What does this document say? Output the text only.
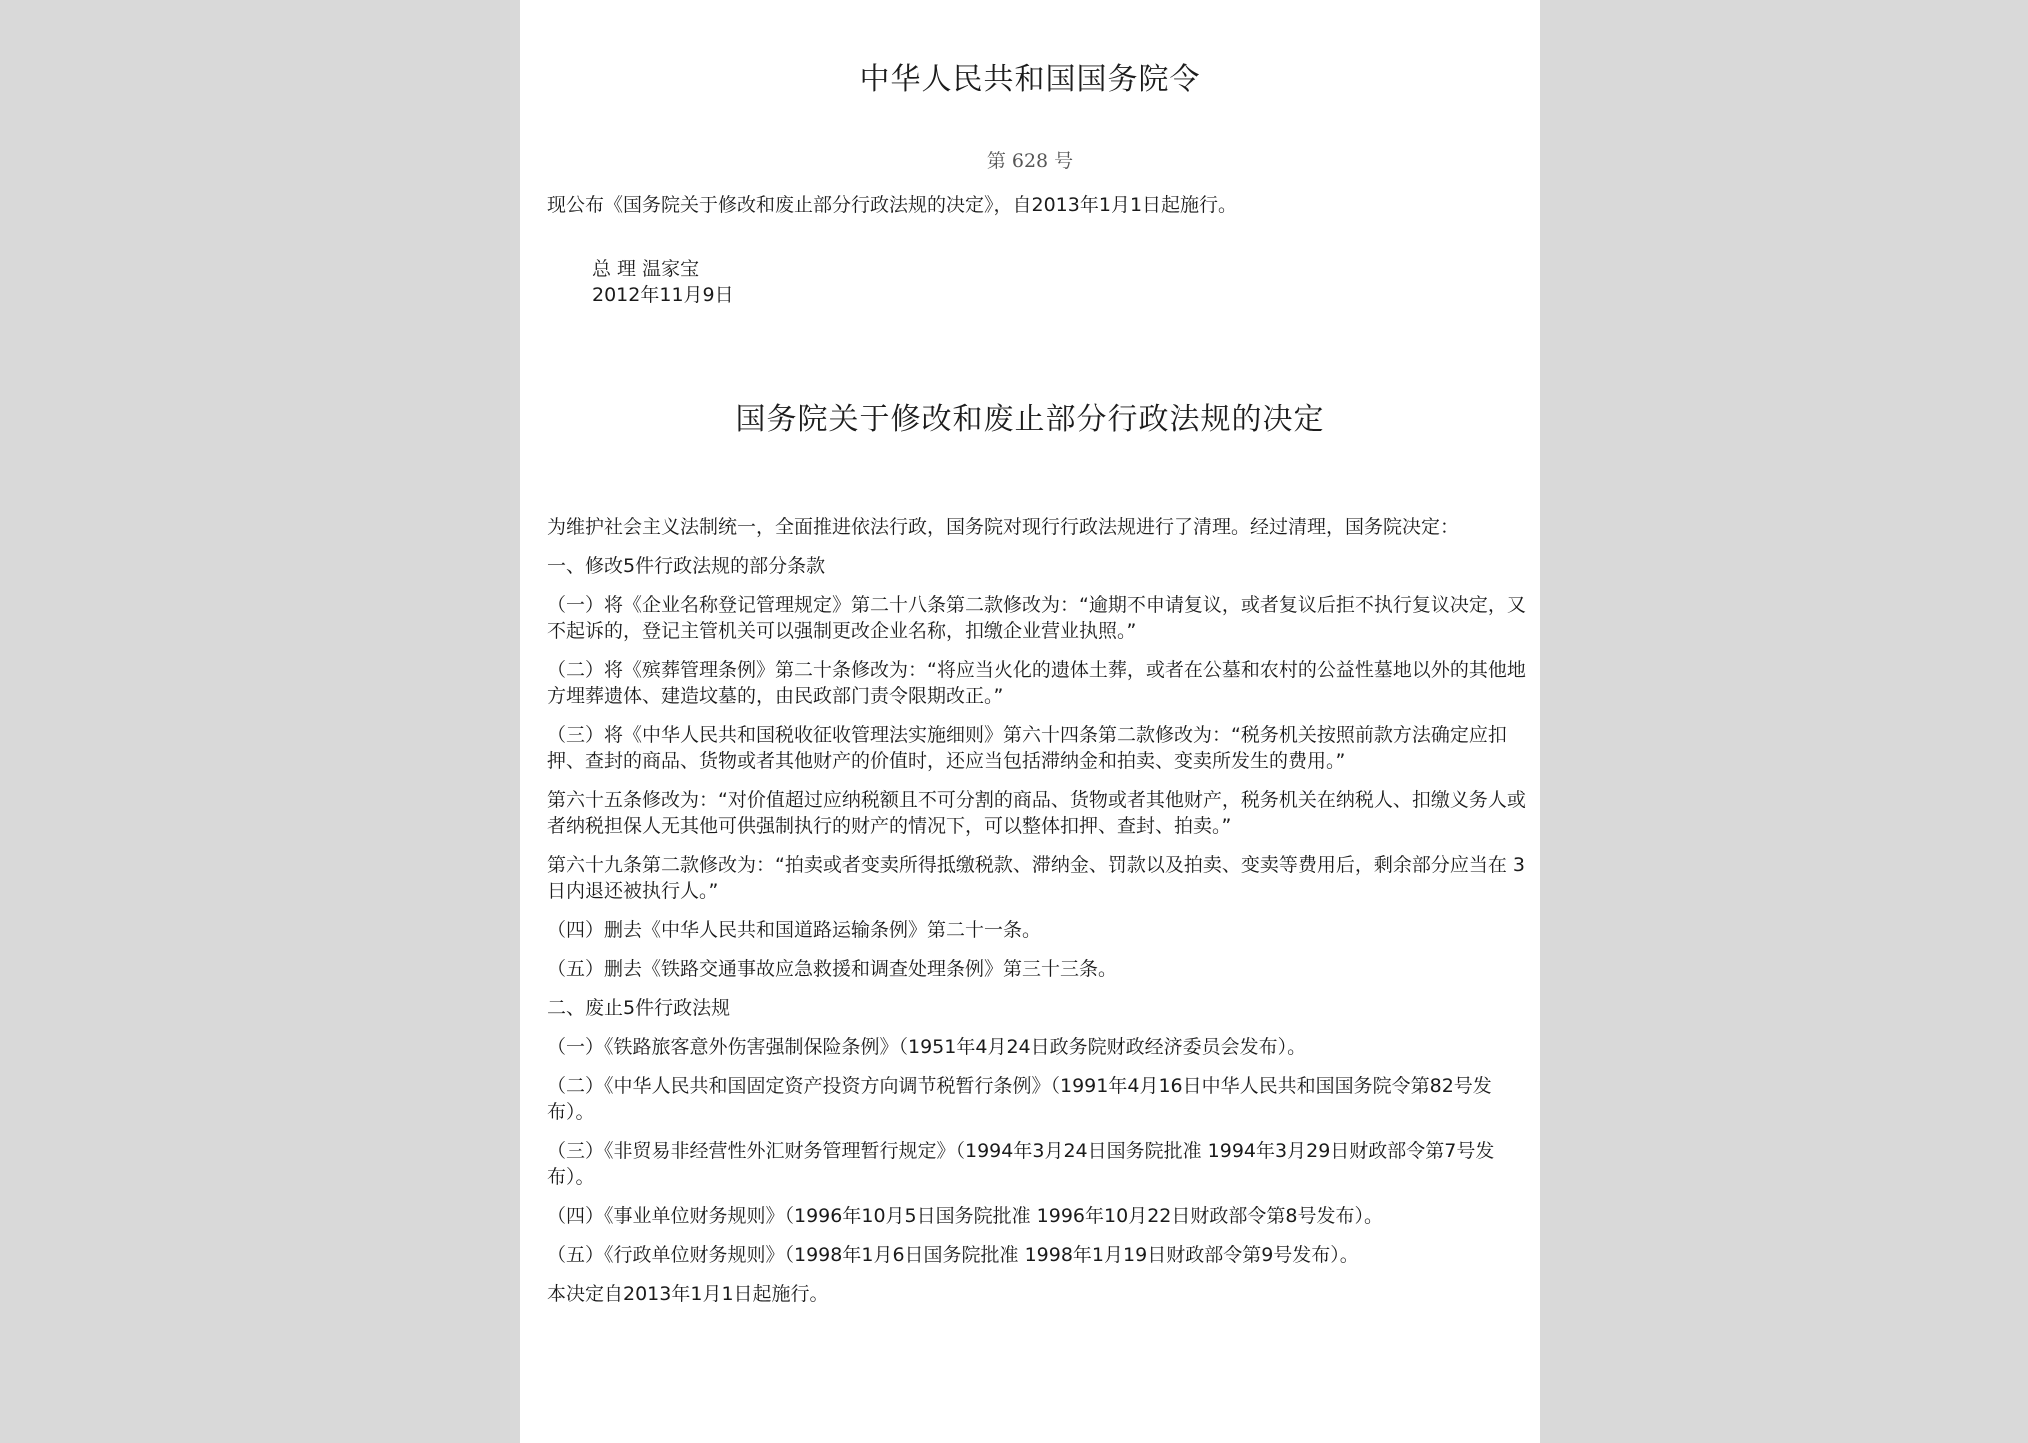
中华人民共和国国务院令
第 628 号
现公布《国务院关于修改和废止部分行政法规的决定》，自2013年1月1日起施行。
总 理 温家宝
2012年11月9日
国务院关于修改和废止部分行政法规的决定

为维护社会主义法制统一，全面推进依法行政，国务院对现行行政法规进行了清理。经过清理，国务院决定：

一、修改5件行政法规的部分条款

（一）将《企业名称登记管理规定》第二十八条第二款修改为：“逾期不申请复议，或者复议后拒不执行复议决定，又不起诉的，登记主管机关可以强制更改企业名称，扣缴企业营业执照。”

（二）将《殡葬管理条例》第二十条修改为：“将应当火化的遗体土葬，或者在公墓和农村的公益性墓地以外的其他地方埋葬遗体、建造坟墓的，由民政部门责令限期改正。”

（三）将《中华人民共和国税收征收管理法实施细则》第六十四条第二款修改为：“税务机关按照前款方法确定应扣押、查封的商品、货物或者其他财产的价值时，还应当包括滞纳金和拍卖、变卖所发生的费用。”

第六十五条修改为：“对价值超过应纳税额且不可分割的商品、货物或者其他财产，税务机关在纳税人、扣缴义务人或者纳税担保人无其他可供强制执行的财产的情况下，可以整体扣押、查封、拍卖。”

第六十九条第二款修改为：“拍卖或者变卖所得抵缴税款、滞纳金、罚款以及拍卖、变卖等费用后，剩余部分应当在 3 日内退还被执行人。”

（四）删去《中华人民共和国道路运输条例》第二十一条。

（五）删去《铁路交通事故应急救援和调查处理条例》第三十三条。

二、废止5件行政法规

（一）《铁路旅客意外伤害强制保险条例》（1951年4月24日政务院财政经济委员会发布）。

（二）《中华人民共和国固定资产投资方向调节税暂行条例》（1991年4月16日中华人民共和国国务院令第82号发布）。

（三）《非贸易非经营性外汇财务管理暂行规定》（1994年3月24日国务院批准 1994年3月29日财政部令第7号发布）。

（四）《事业单位财务规则》（1996年10月5日国务院批准 1996年10月22日财政部令第8号发布）。

（五）《行政单位财务规则》（1998年1月6日国务院批准 1998年1月19日财政部令第9号发布）。

本决定自2013年1月1日起施行。
